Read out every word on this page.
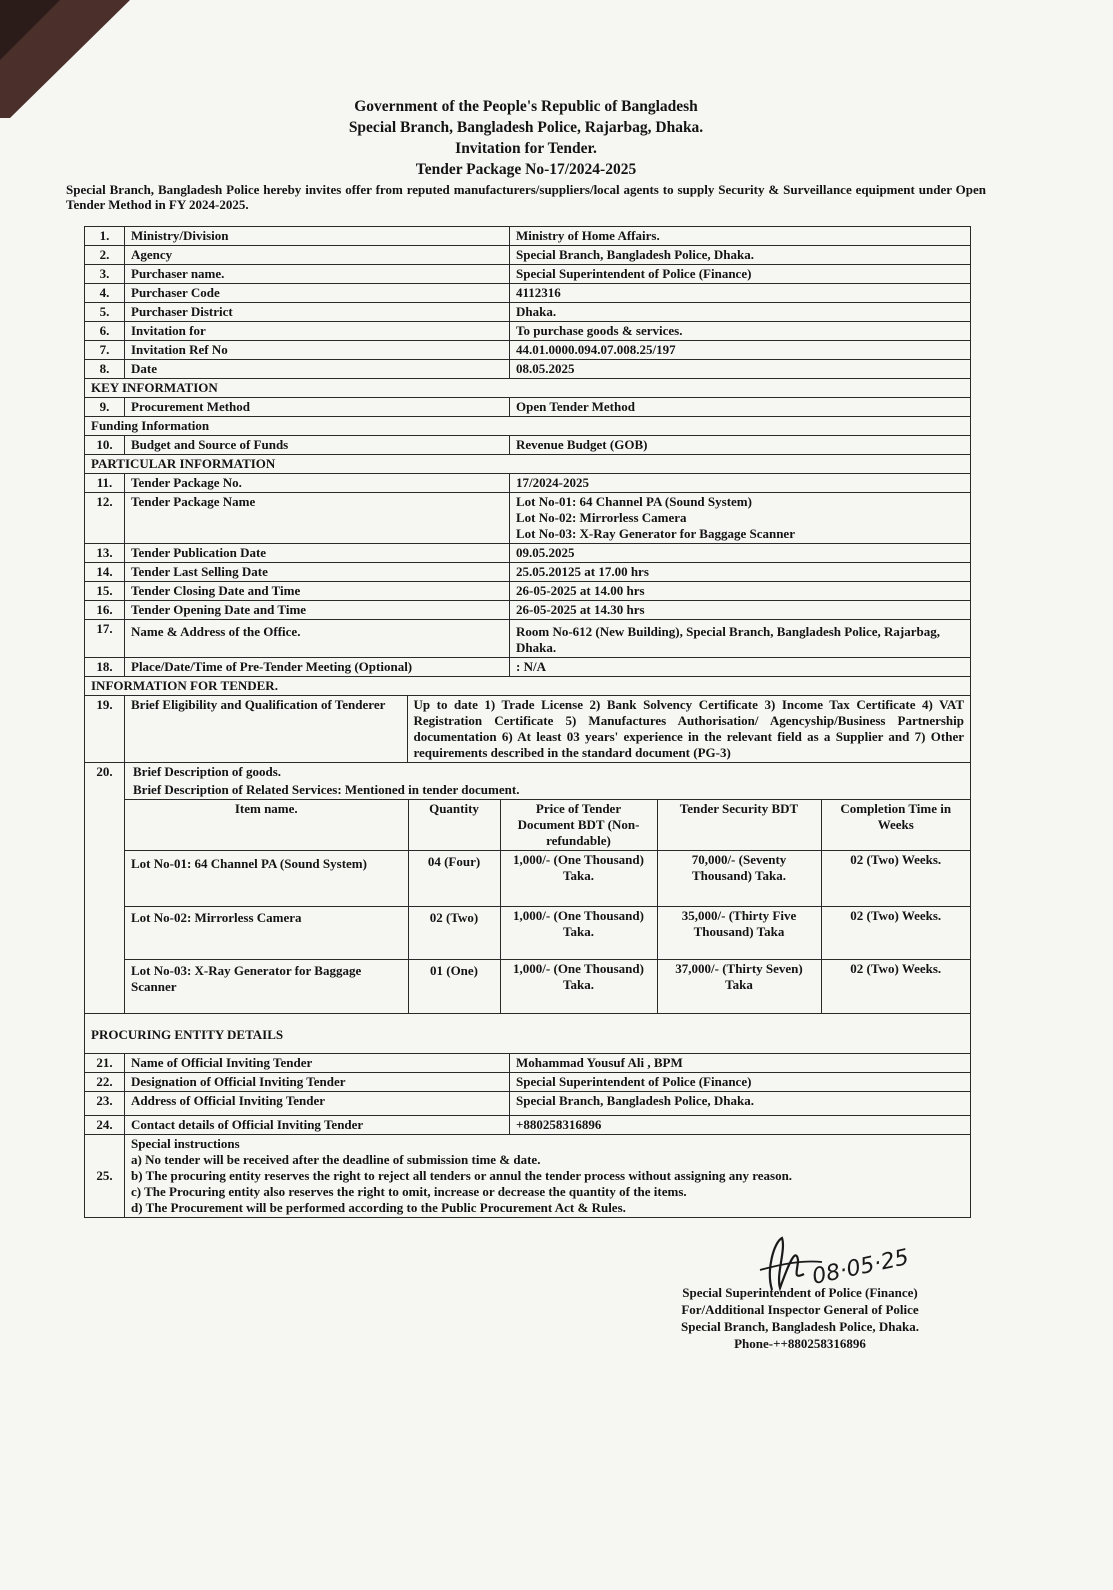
Government of the People's Republic of Bangladesh
Special Branch, Bangladesh Police, Rajarbag, Dhaka.
Invitation for Tender.
Tender Package No-17/2024-2025
Special Branch, Bangladesh Police hereby invites offer from reputed manufacturers/suppliers/local agents to supply Security & Surveillance equipment under Open Tender Method in FY 2024-2025.
1.	Ministry/Division	Ministry of Home Affairs.
2.	Agency	Special Branch, Bangladesh Police, Dhaka.
3.	Purchaser name.	Special Superintendent of Police (Finance)
4.	Purchaser Code	4112316
5.	Purchaser District	Dhaka.
6.	Invitation for	To purchase goods & services.
7.	Invitation Ref No	44.01.0000.094.07.008.25/197
8.	Date	08.05.2025
KEY INFORMATION
9.	Procurement Method	Open Tender Method
Funding Information
10.	Budget and Source of Funds	Revenue Budget (GOB)
PARTICULAR INFORMATION
11.	Tender Package No.	17/2024-2025
12.	Tender Package Name	Lot No-01: 64 Channel PA (Sound System)
Lot No-02: Mirrorless Camera
Lot No-03: X-Ray Generator for Baggage Scanner

13.	Tender Publication Date	09.05.2025
14.	Tender Last Selling Date	25.05.20125 at 17.00 hrs
15.	Tender Closing Date and Time	26-05-2025 at 14.00 hrs
16.	Tender Opening Date and Time	26-05-2025 at 14.30 hrs
17.	Name & Address of the Office.	Room No-612 (New Building), Special Branch, Bangladesh Police, Rajarbag, Dhaka.
18.	Place/Date/Time of Pre-Tender Meeting (Optional)	: N/A
INFORMATION FOR TENDER.
19.	Brief Eligibility and Qualification of Tenderer	Up to date 1) Trade License 2) Bank Solvency Certificate 3) Income Tax Certificate 4) VAT Registration Certificate 5) Manufactures Authorisation/ Agencyship/Business Partnership documentation 6) At least 03 years' experience in the relevant field as a Supplier and 7) Other requirements described in the standard document (PG-3)

20.	Brief Description of goods.
Brief Description of Related Services: Mentioned in tender document.
Item name.	Quantity	Price of Tender Document BDT (Non-refundable)	Tender Security BDT	Completion Time in Weeks
Lot No-01: 64 Channel PA (Sound System)	04 (Four)	1,000/- (One Thousand) Taka.	70,000/- (Seventy Thousand) Taka.	02 (Two) Weeks.
Lot No-02: Mirrorless Camera	02 (Two)	1,000/- (One Thousand) Taka.	35,000/- (Thirty Five Thousand) Taka	02 (Two) Weeks.
Lot No-03: X-Ray Generator for Baggage Scanner	01 (One)	1,000/- (One Thousand) Taka.	37,000/- (Thirty Seven) Taka	02 (Two) Weeks.

PROCURING ENTITY DETAILS
21.	Name of Official Inviting Tender	Mohammad Yousuf Ali , BPM
22.	Designation of Official Inviting Tender	Special Superintendent of Police (Finance)
23.	Address of Official Inviting Tender	Special Branch, Bangladesh Police, Dhaka.
24.	Contact details of Official Inviting Tender	+880258316896
25.	
Special instructions
a) No tender will be received after the deadline of submission time & date.
b) The procuring entity reserves the right to reject all tenders or annul the tender process without assigning any reason.
c) The Procuring entity also reserves the right to omit, increase or decrease the quantity of the items.
d) The Procurement will be performed according to the Public Procurement Act & Rules.
08·05·25
Special Superintendent of Police (Finance)
For/Additional Inspector General of Police
Special Branch, Bangladesh Police, Dhaka.
Phone-++880258316896
